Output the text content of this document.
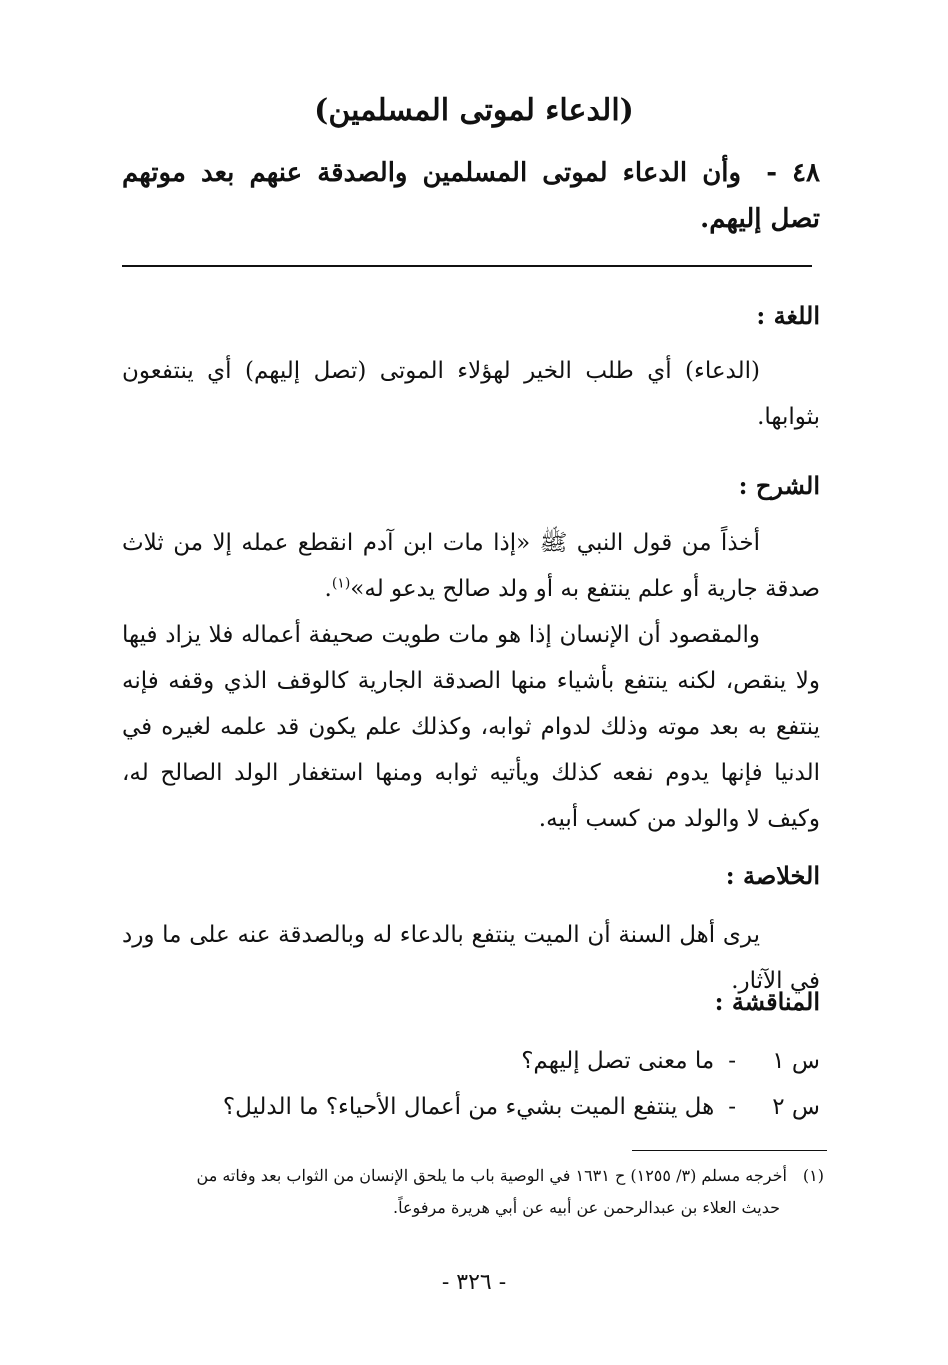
(الدعاء لموتى المسلمين)
٤٨ - وأن الدعاء لموتى المسلمين والصدقة عنهم بعد موتهم تصل إليهم.
اللغة :
(الدعاء) أي طلب الخير لهؤلاء الموتى (تصل إليهم) أي ينتفعون بثوابها.
الشرح :
أخذاً من قول النبي ﷺ «إذا مات ابن آدم انقطع عمله إلا من ثلاث صدقة جارية أو علم ينتفع به أو ولد صالح يدعو له»$^{(١)}$.
والمقصود أن الإنسان إذا هو مات طويت صحيفة أعماله فلا يزاد فيها ولا ينقص، لكنه ينتفع بأشياء منها الصدقة الجارية كالوقف الذي وقفه فإنه ينتفع به بعد موته وذلك لدوام ثوابه، وكذلك علم يكون قد علمه لغيره في الدنيا فإنها يدوم نفعه كذلك ويأتيه ثوابه ومنها استغفار الولد الصالح له، وكيف لا والولد من كسب أبيه.
الخلاصة :
يرى أهل السنة أن الميت ينتفع بالدعاء له وبالصدقة عنه على ما ورد في الآثار.
المناقشة :
س ١-ما معنى تصل إليهم؟
س ٢-هل ينتفع الميت بشيء من أعمال الأحياء؟ ما الدليل؟
(١)أخرجه مسلم (٣/ ١٢٥٥) ح ١٦٣١ في الوصية باب ما يلحق الإنسان من الثواب بعد وفاته من
حديث العلاء بن عبدالرحمن عن أبيه عن أبي هريرة مرفوعاً.
- ٣٢٦ -
